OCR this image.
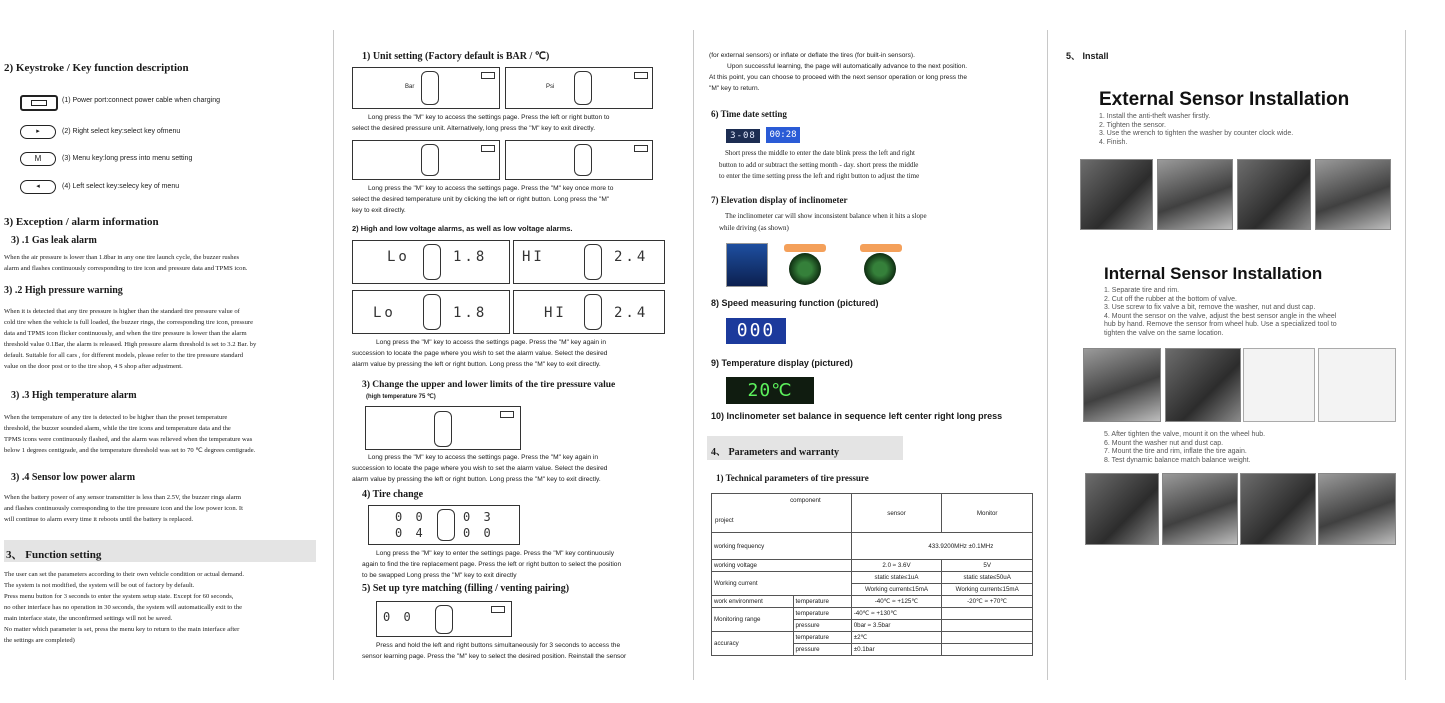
2) Keystroke / Key function description
(1) Power port:connect power cable when charging
▸	(2) Right select key:select key ofmenu
M	(3) Menu key:long press into menu setting
◂	(4) Left select key:selecy key of menu
3) Exception / alarm information
3) .1 Gas leak alarm
When the air pressure is lower than 1.8bar in any one tire launch cycle, the buzzer rushes
alarm and flashes continuously corresponding to tire icon and pressure data and TPMS icon.
3) .2 High pressure warning
When it is detected that any tire pressure is higher than the standard tire pressure value of
cold tire when the vehicle is full loaded, the buzzer rings, the corresponding tire icon, pressure
data and TPMS icon flicker continuously, and when the tire pressure is lower than the alarm
threshold value 0.1Bar, the alarm is released. High pressure alarm threshold is set to 3.2 Bar. by
default. Suitable for all cars , for different models, please refer to the tire pressure standard
value on the door post or to the tire shop, 4 S shop after adjustment.
3) .3 High temperature alarm
When the temperature of any tire is detected to be higher than the preset temperature
threshold, the buzzer sounded alarm, while the tire icons and temperature data and the
TPMS icons were continuously flashed, and the alarm was relieved when the temperature was
below 1 degrees centigrade, and the temperature threshold was set to 70 ℃ degrees centigrade.
3) .4 Sensor low power alarm
When the battery power of any sensor transmitter is less than 2.5V, the buzzer rings alarm
and flashes continuously corresponding to the tire pressure icon and the low power icon. It
will continue to alarm every time it reboots until the battery is replaced.
3、 Function setting
The user can set the parameters according to their own vehicle condition or actual demand.
The system is not modified, the system will be out of factory by default.
Press menu button for 3 seconds to enter the system setup state. Except for 60 seconds,
no other interface has no operation in 30 seconds, the system will automatically exit to the
main interface state, the unconfirmed settings will not be saved.
No matter which parameter is set, press the menu key to return to the main interface after
the settings are completed)
1) Unit setting (Factory default is BAR / ℃)
Bar	Psi
Long press the "M" key to access the settings page. Press the left or right button to
select the desired pressure unit. Alternatively, long press the "M" key to exit directly.
Long press the "M" key to access the settings page. Press the "M" key once more to
select the desired temperature unit by clicking the left or right button. Long press the "M"
key to exit directly.
2) High and low voltage alarms, as well as low voltage alarms.
Lo	1.8 HI	2.4
Lo	1.8	HI	2.4
Long press the "M" key to access the settings page. Press the "M" key again in
succession to locate the page where you wish to set the alarm value. Select the desired
alarm value by pressing the left or right button. Long press the "M" key to exit directly.
3) Change the upper and lower limits of the tire pressure value
(high temperature 75 ℃)
Long press the "M" key to access the settings page. Press the "M" key again in
succession to locate the page where you wish to set the alarm value. Select the desired
alarm value by pressing the left or right button. Long press the "M" key to exit directly.
4) Tire change
0 0
0 4
0 3
0 0
Long press the "M" key to enter the settings page. Press the "M" key continuously
again to find the tire replacement page. Press the left or right button to select the position
to be swapped Long press the "M" key to exit directly
5) Set up tyre matching (filling / venting pairing)
0 0
Press and hold the left and right buttons simultaneously for 3 seconds to access the
sensor learning page. Press the "M" key to select the desired position. Reinstall the sensor
(for external sensors) or inflate or deflate the tires (for built-in sensors).
Upon successful learning, the page will automatically advance to the next position.
At this point, you can choose to proceed with the next sensor operation or long press the
"M" key to return.
6) Time date setting
3-08	00:28
Short press the middle to enter the date blink press the left and right
button to add or subtract the setting month - day. short press the middle
to enter the time setting press the left and right button to adjust the time
7) Elevation display of inclinometer
The inclinometer car will show inconsistent balance when it hits a slope
while driving (as shown)
8) Speed measuring function (pictured)
000
9) Temperature display (pictured)
20℃
10) Inclinometer set balance in sequence left center right long press
4、 Parameters and warranty
1) Technical parameters of tire pressure
component
project		sensor	Monitor
working frequency		433.9200MHz ±0.1MHz	
working voltage		2.0 ≈ 3.6V	5V
Working current		static state≤1uA	static state≤50uA
		Working current≤15mA	Working current≤15mA
work environment	temperature	-40℃ ≈ +125℃	-20℃ ≈ +70℃
Monitoring range	temperature	-40℃ ≈ +130℃	
	pressure	0bar ≈ 3.5bar	
accuracy	temperature	±2℃	
	pressure	±0.1bar	
5、 Install
External Sensor Installation
1. Install the anti-theft washer firstly.
2. Tighten the sensor.
3. Use the wrench to tighten the washer by counter clock wide.
4. Finish.
Internal Sensor Installation
1. Separate tire and rim.
2. Cut off the rubber at the bottom of valve.
3. Use screw to fix valve a bit, remove the washer, nut and dust cap.
4. Mount the sensor on the valve, adjust the best sensor angle in the wheel
hub by hand. Remove the sensor from wheel hub. Use a specialized tool to
tighten the valve on the same location.
5. After tighten the valve, mount it on the wheel hub.
6. Mount the washer nut and dust cap.
7. Mount the tire and rim, inflate the tire again.
8. Test dynamic balance match balance weight.
